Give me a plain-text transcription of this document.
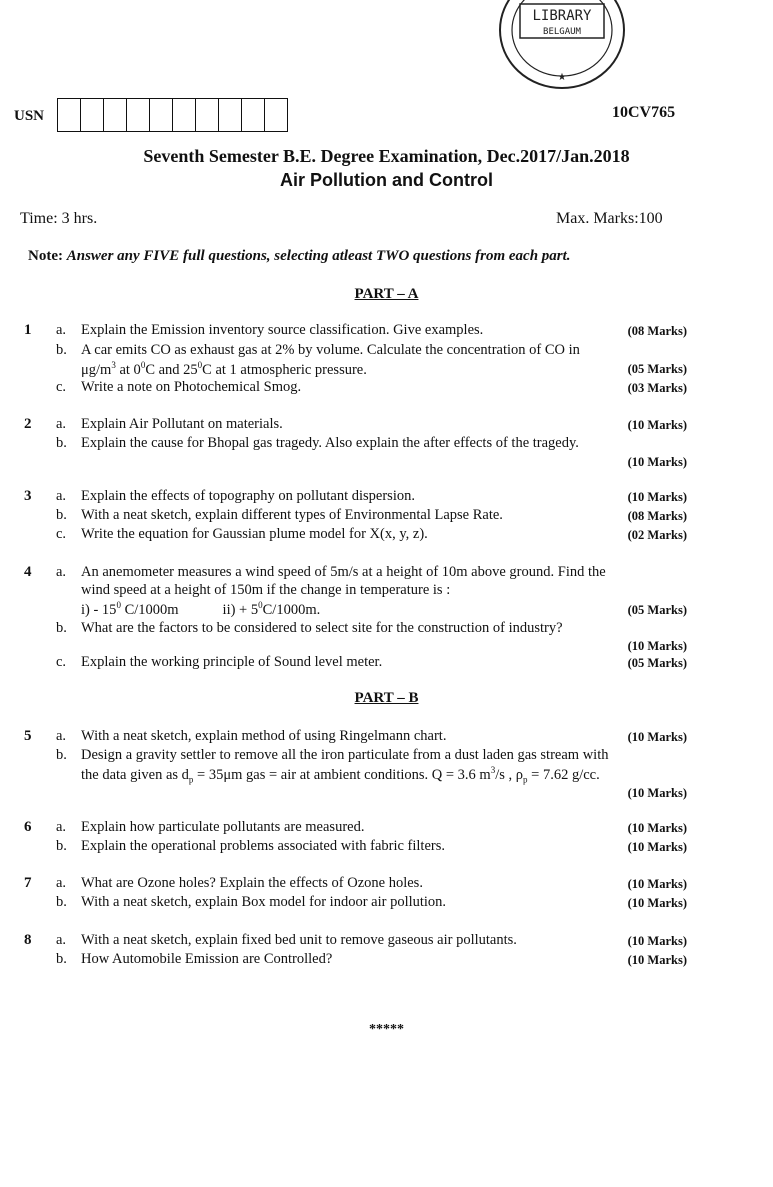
LIBRARY
BELGAUM
★
USN	10CV765
Seventh Semester B.E. Degree Examination, Dec.2017/Jan.2018
Air Pollution and Control
Time: 3 hrs.	Max. Marks:100
Note: Answer any FIVE full questions, selecting atleast TWO questions from each part.
PART – A
1 a. Explain the Emission inventory source classification. Give examples.	(08 Marks)
b. A car emits CO as exhaust gas at 2% by volume. Calculate the concentration of CO in
$\mu g/m^3$ at $0^0C$ and $25^0C$ at 1 atmospheric pressure.	(05 Marks)
c. Write a note on Photochemical Smog.	(03 Marks)
2 a. Explain Air Pollutant on materials.	(10 Marks)
b. Explain the cause for Bhopal gas tragedy. Also explain the after effects of the tragedy.
(10 Marks)
3 a. Explain the effects of topography on pollutant dispersion.	(10 Marks)
b. With a neat sketch, explain different types of Environmental Lapse Rate.	(08 Marks)
c. Write the equation for Gaussian plume model for X(x, y, z).	(02 Marks)
4 a. An anemometer measures a wind speed of 5m/s at a height of 10m above ground. Find the
wind speed at a height of 150m if the change in temperature is :
$i) - 15^0$ C/1000m	$ii) + 5^0C/1000m$.	(05 Marks)
b. What are the factors to be considered to select site for the construction of industry?
(10 Marks)
c. Explain the working principle of Sound level meter.	(05 Marks)
PART – B
5 a. With a neat sketch, explain method of using Ringelmann chart.	(10 Marks)
b. Design a gravity settler to remove all the iron particulate from a dust laden gas stream with
the data given as $d_p = 35\mu m$ gas = air at ambient conditions. Q = 3.6 $m^3/s$ , $\rho_p = 7.62$ g/cc.
(10 Marks)
6 a. Explain how particulate pollutants are measured.	(10 Marks)
b. Explain the operational problems associated with fabric filters.	(10 Marks)
7 a. What are Ozone holes? Explain the effects of Ozone holes.	(10 Marks)
b. With a neat sketch, explain Box model for indoor air pollution.	(10 Marks)
8 a. With a neat sketch, explain fixed bed unit to remove gaseous air pollutants.	(10 Marks)
b. How Automobile Emission are Controlled?	(10 Marks)
*****
